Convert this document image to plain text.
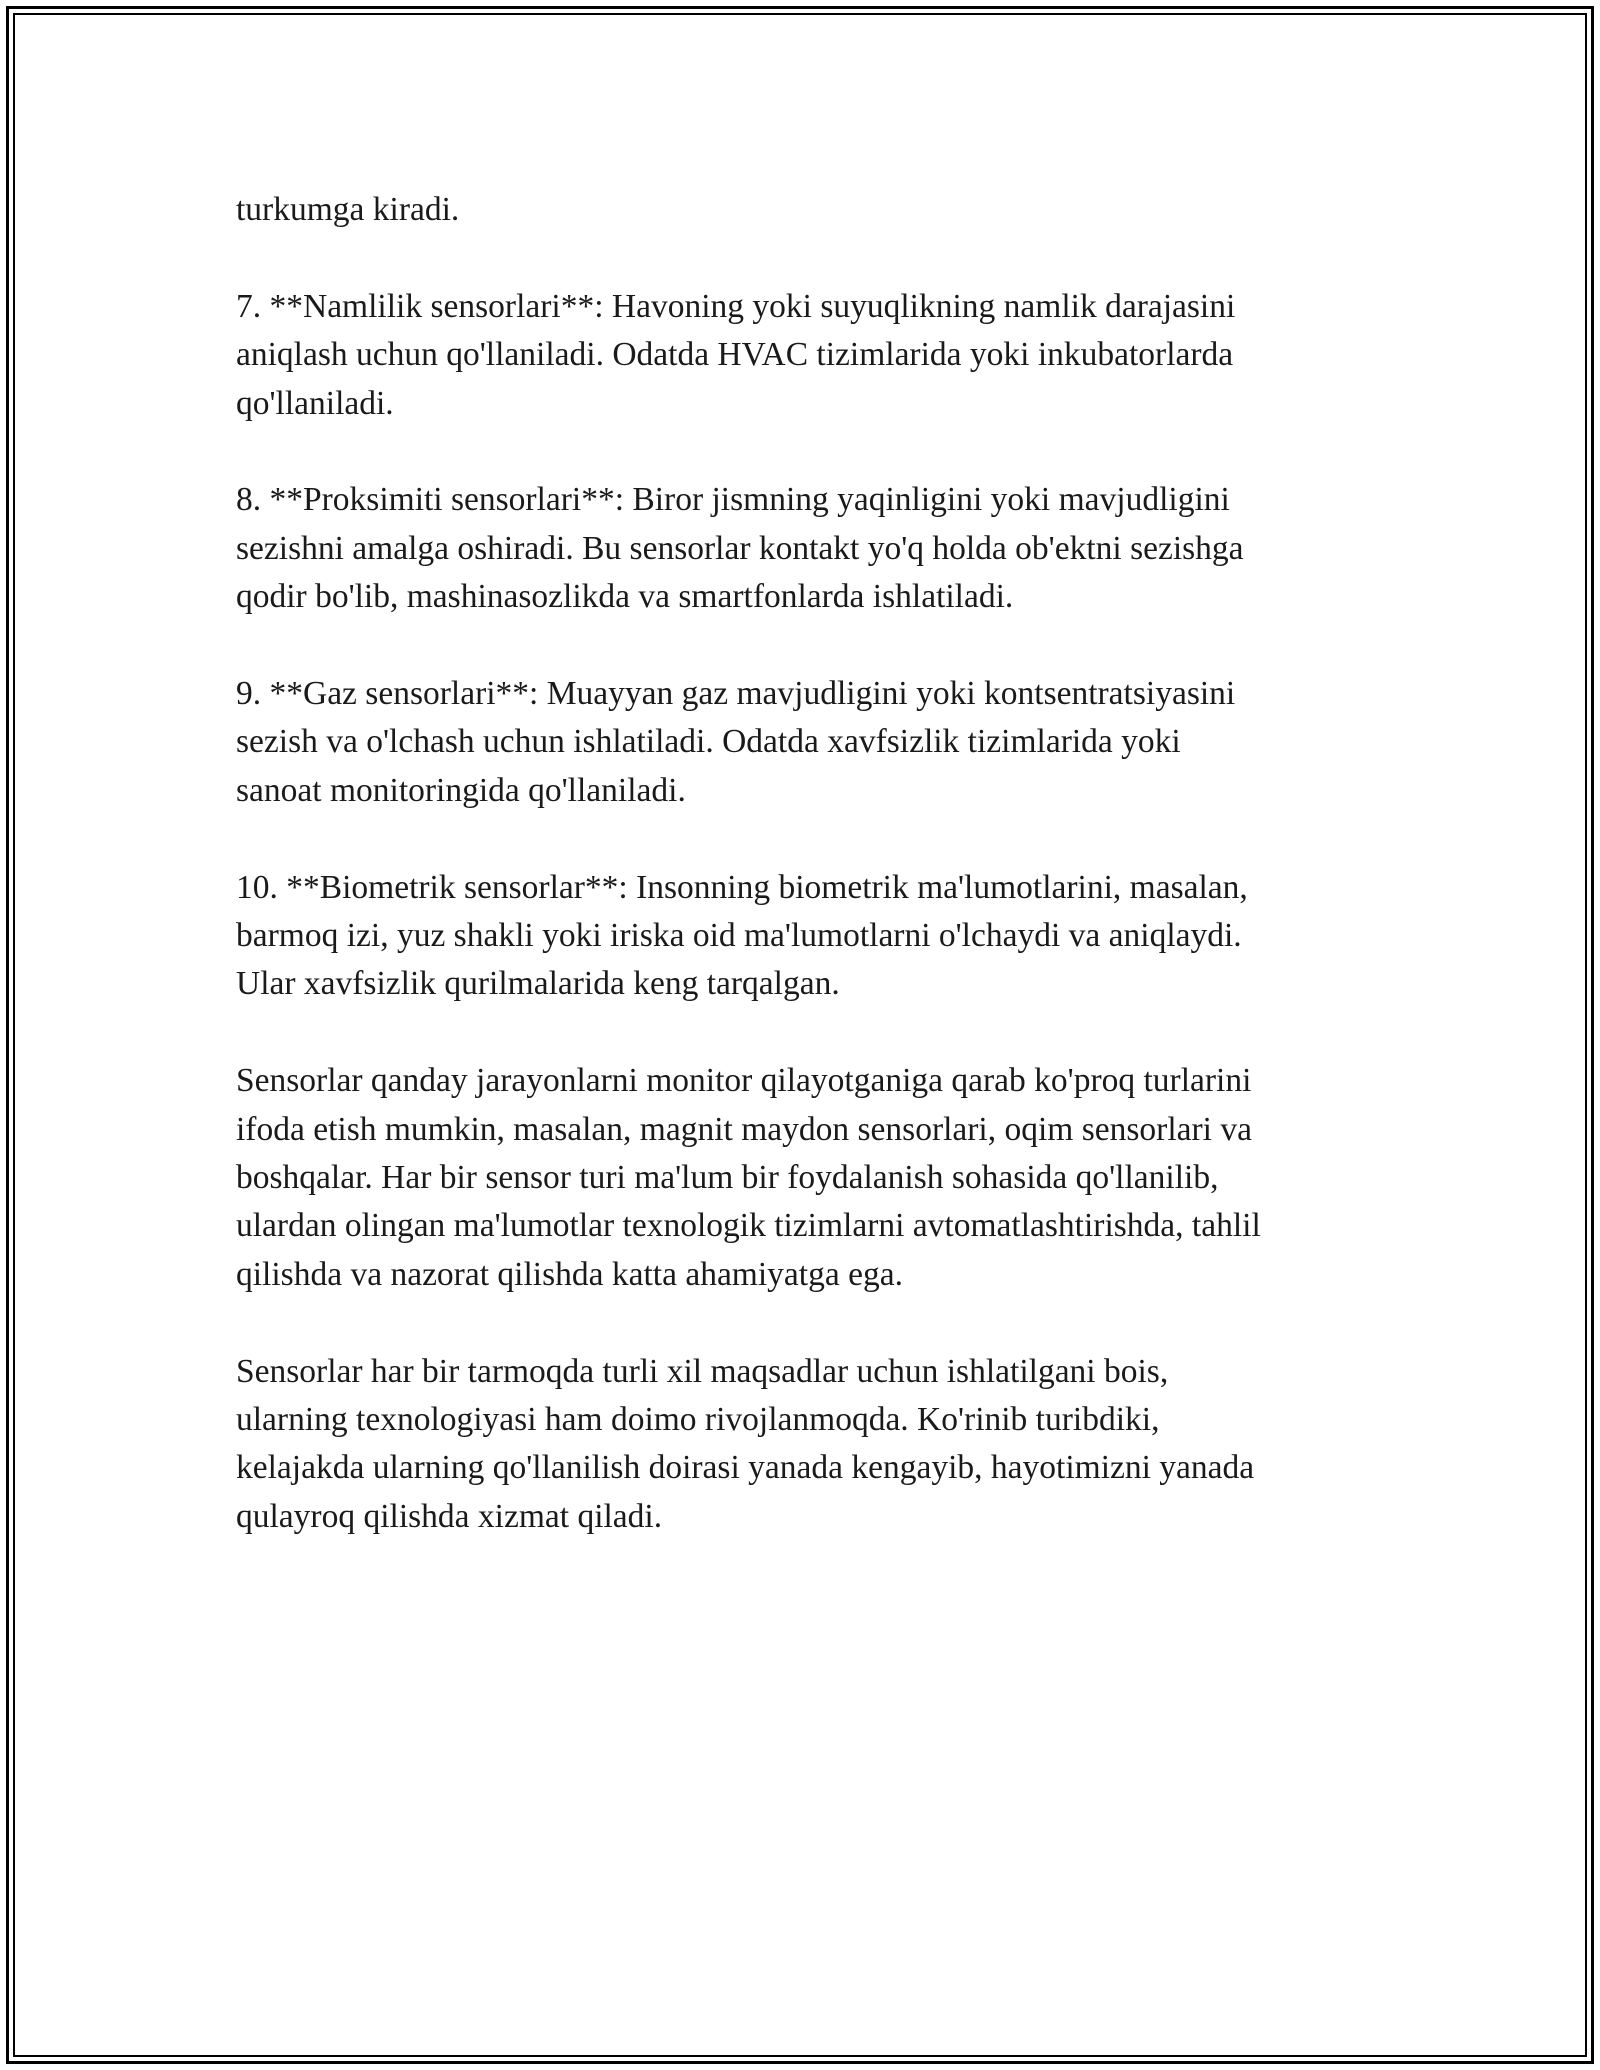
turkumga kiradi.

7. **Namlilik sensorlari**: Havoning yoki suyuqlikning namlik darajasini
aniqlash uchun qo'llaniladi. Odatda HVAC tizimlarida yoki inkubatorlarda
qo'llaniladi.

8. **Proksimiti sensorlari**: Biror jismning yaqinligini yoki mavjudligini
sezishni amalga oshiradi. Bu sensorlar kontakt yo'q holda ob'ektni sezishga
qodir bo'lib, mashinasozlikda va smartfonlarda ishlatiladi.

9. **Gaz sensorlari**: Muayyan gaz mavjudligini yoki kontsentratsiyasini
sezish va o'lchash uchun ishlatiladi. Odatda xavfsizlik tizimlarida yoki
sanoat monitoringida qo'llaniladi.

10. **Biometrik sensorlar**: Insonning biometrik ma'lumotlarini, masalan,
barmoq izi, yuz shakli yoki iriska oid ma'lumotlarni o'lchaydi va aniqlaydi.
Ular xavfsizlik qurilmalarida keng tarqalgan.

Sensorlar qanday jarayonlarni monitor qilayotganiga qarab ko'proq turlarini
ifoda etish mumkin, masalan, magnit maydon sensorlari, oqim sensorlari va
boshqalar. Har bir sensor turi ma'lum bir foydalanish sohasida qo'llanilib,
ulardan olingan ma'lumotlar texnologik tizimlarni avtomatlashtirishda, tahlil
qilishda va nazorat qilishda katta ahamiyatga ega.

Sensorlar har bir tarmoqda turli xil maqsadlar uchun ishlatilgani bois,
ularning texnologiyasi ham doimo rivojlanmoqda. Ko'rinib turibdiki,
kelajakda ularning qo'llanilish doirasi yanada kengayib, hayotimizni yanada
qulayroq qilishda xizmat qiladi.
